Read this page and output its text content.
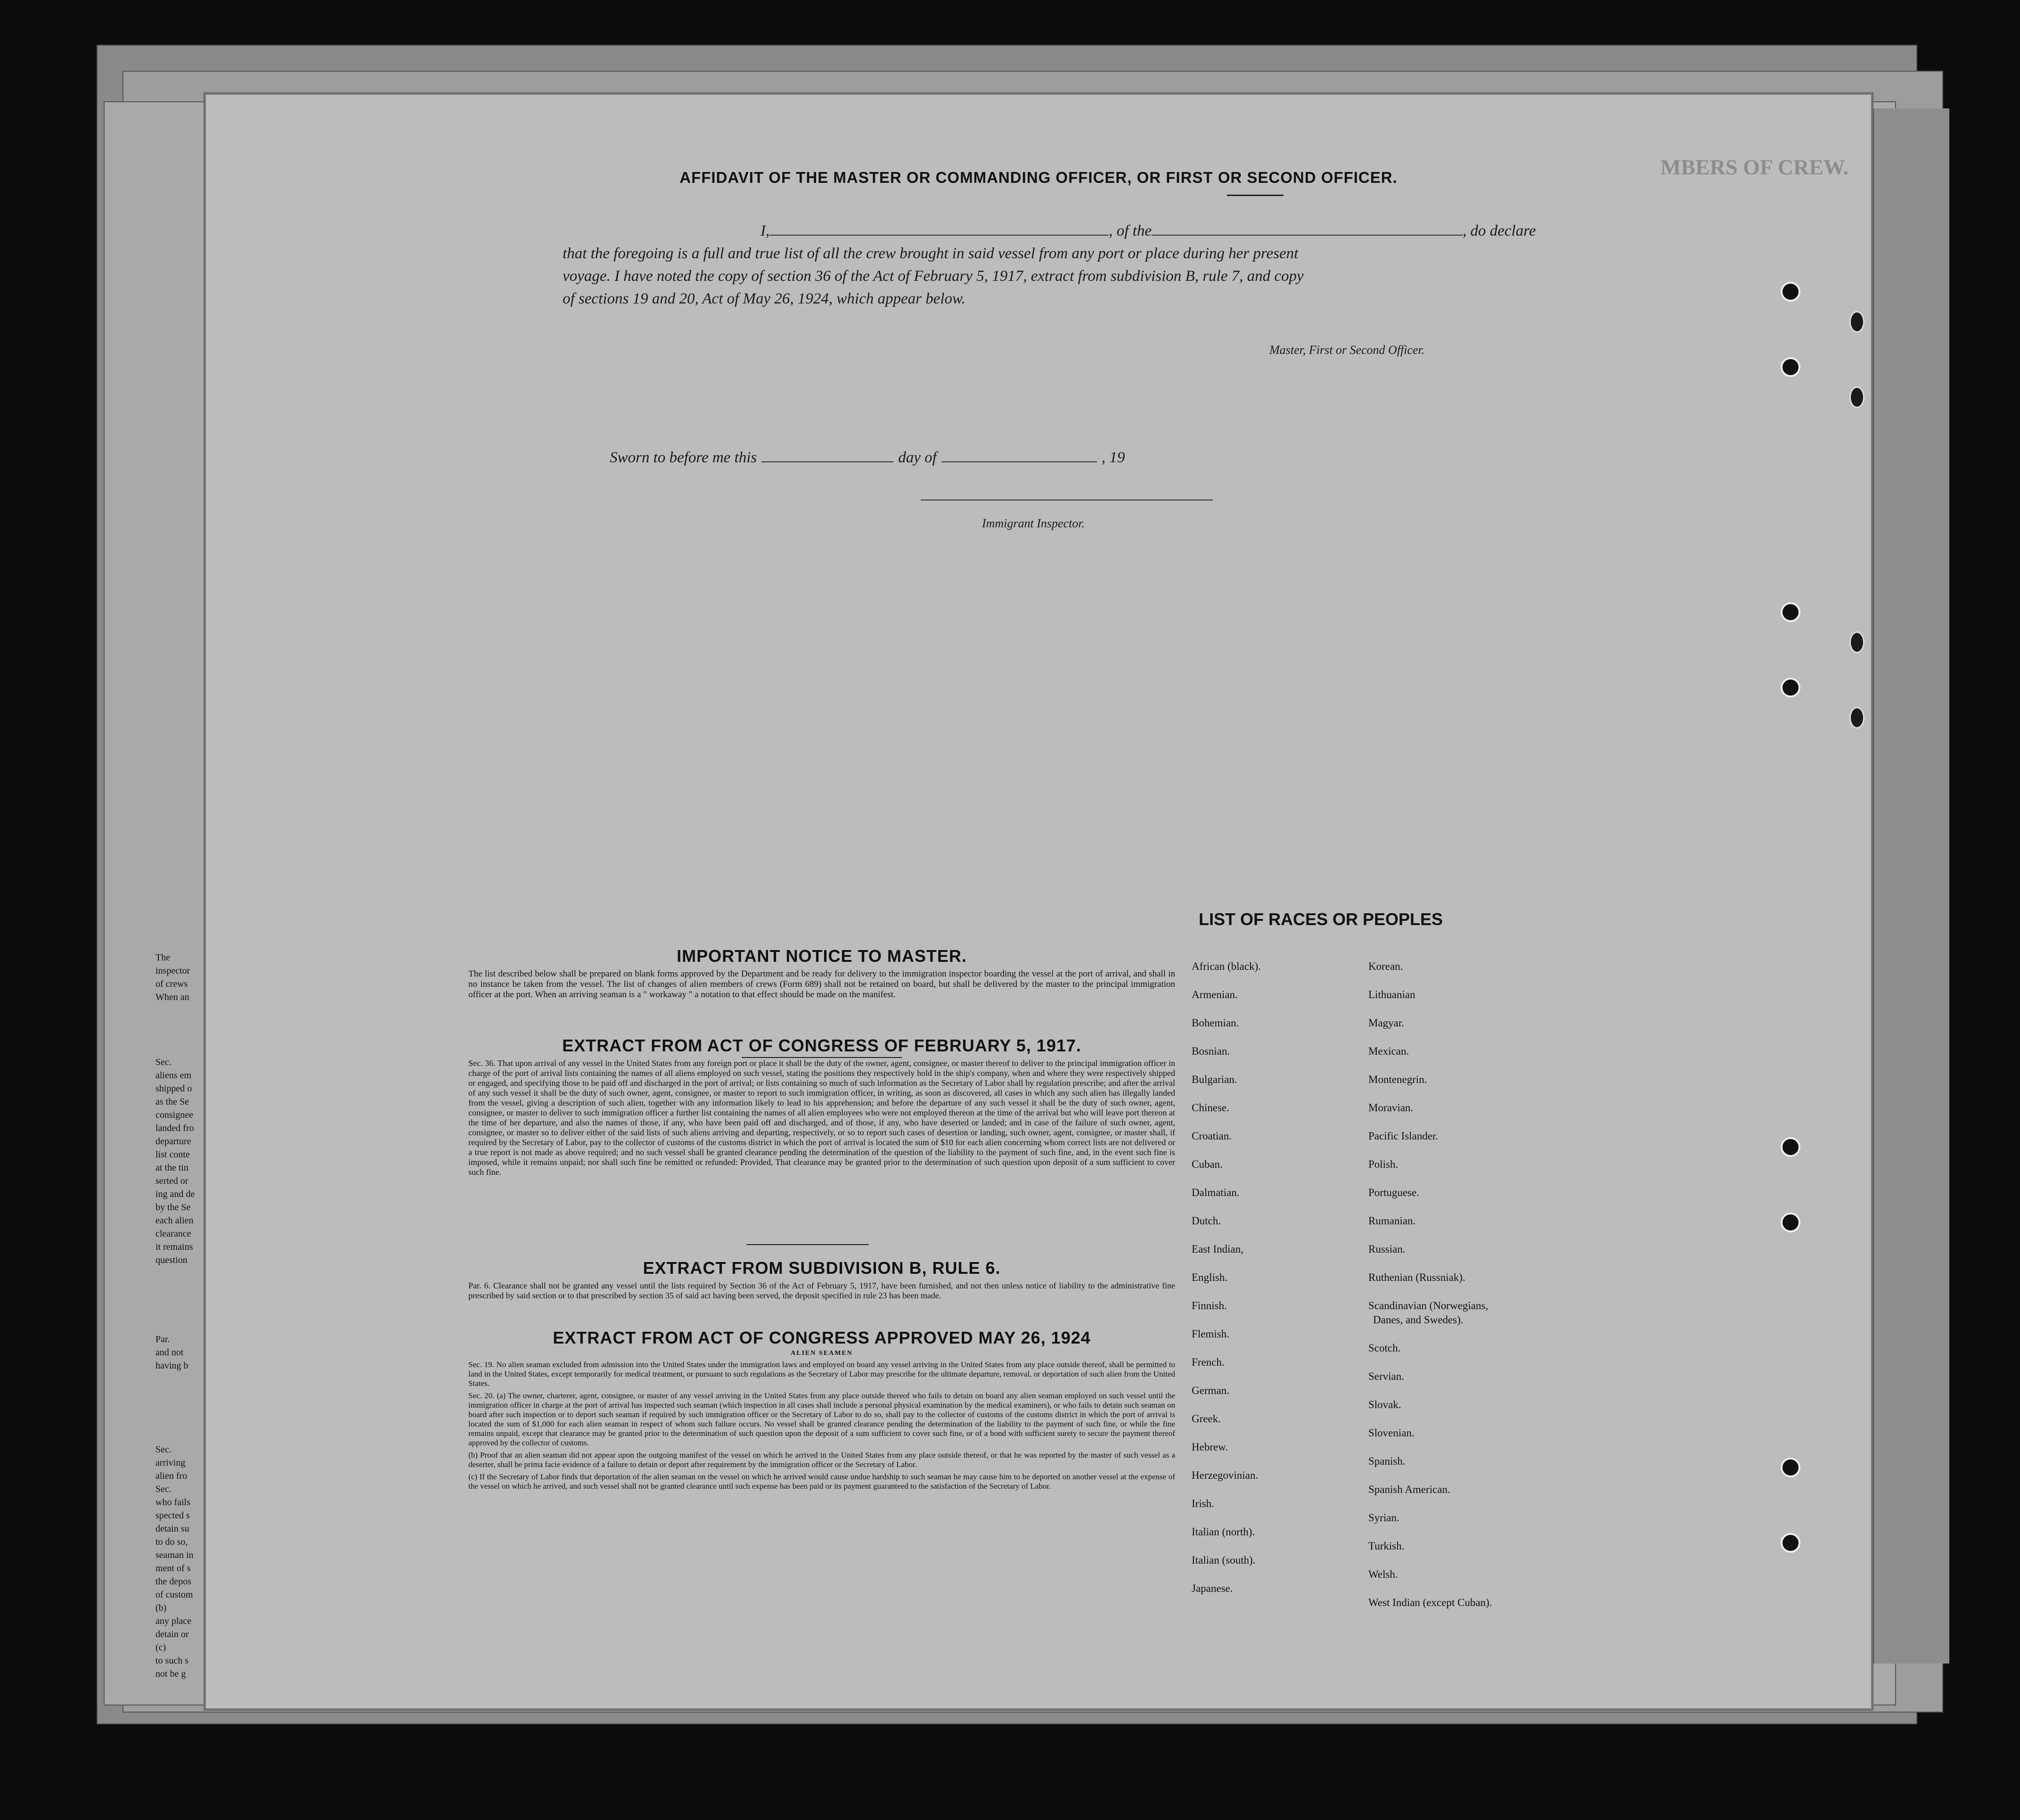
MBERS OF CREW.
AFFIDAVIT OF THE MASTER OR COMMANDING OFFICER, OR FIRST OR SECOND OFFICER.
I,	, of the	, do declare
that the foregoing is a full and true list of all the crew brought in said vessel from any port or place during her present
voyage. I have noted the copy of section 36 of the Act of February 5, 1917, extract from subdivision B, rule 7, and copy
of sections 19 and 20, Act of May 26, 1924, which appear below.
Master, First or Second Officer.
Sworn to before me this	day of	, 19
Immigrant Inspector.
IMPORTANT NOTICE TO MASTER.

The list described below shall be prepared on blank forms approved by the Department and be ready for delivery to the immigration inspector boarding the vessel at the port of arrival, and shall in no instance be taken from the vessel. The list of changes of alien members of crews (Form 689) shall not be retained on board, but shall be delivered by the master to the principal immigration officer at the port. When an arriving seaman is a " workaway " a notation to that effect should be made on the manifest.

EXTRACT FROM ACT OF CONGRESS OF FEBRUARY 5, 1917.

Sec. 36. That upon arrival of any vessel in the United States from any foreign port or place it shall be the duty of the owner, agent, consignee, or master thereof to deliver to the principal immigration officer in charge of the port of arrival lists containing the names of all aliens employed on such vessel, stating the positions they respectively hold in the ship's company, when and where they were respectively shipped or engaged, and specifying those to be paid off and discharged in the port of arrival; or lists containing so much of such information as the Secretary of Labor shall by regulation prescribe; and after the arrival of any such vessel it shall be the duty of such owner, agent, consignee, or master to report to such immigration officer, in writing, as soon as discovered, all cases in which any such alien has illegally landed from the vessel, giving a description of such alien, together with any information likely to lead to his apprehension; and before the departure of any such vessel it shall be the duty of such owner, agent, consignee, or master to deliver to such immigration officer a further list containing the names of all alien employees who were not employed thereon at the time of the arrival but who will leave port thereon at the time of her departure, and also the names of those, if any, who have been paid off and discharged, and of those, if any, who have deserted or landed; and in case of the failure of such owner, agent, consignee, or master so to deliver either of the said lists of such aliens arriving and departing, respectively, or so to report such cases of desertion or landing, such owner, agent, consignee, or master shall, if required by the Secretary of Labor, pay to the collector of customs of the customs district in which the port of arrival is located the sum of $10 for each alien concerning whom correct lists are not delivered or a true report is not made as above required; and no such vessel shall be granted clearance pending the determination of the question of the liability to the payment of such fine, and, in the event such fine is imposed, while it remains unpaid; nor shall such fine be remitted or refunded: Provided, That clearance may be granted prior to the determination of such question upon deposit of a sum sufficient to cover such fine.

EXTRACT FROM SUBDIVISION B, RULE 6.

Par. 6. Clearance shall not be granted any vessel until the lists required by Section 36 of the Act of February 5, 1917, have been furnished, and not then unless notice of liability to the administrative fine prescribed by said section or to that prescribed by section 35 of said act having been served, the deposit specified in rule 23 has been made.

EXTRACT FROM ACT OF CONGRESS APPROVED MAY 26, 1924
ALIEN SEAMEN

Sec. 19. No alien seaman excluded from admission into the United States under the immigration laws and employed on board any vessel arriving in the United States from any place outside thereof, shall be permitted to land in the United States, except temporarily for medical treatment, or pursuant to such regulations as the Secretary of Labor may prescribe for the ultimate departure, removal, or deportation of such alien from the United States.

Sec. 20. (a) The owner, charterer, agent, consignee, or master of any vessel arriving in the United States from any place outside thereof who fails to detain on board any alien seaman employed on such vessel until the immigration officer in charge at the port of arrival has inspected such seaman (which inspection in all cases shall include a personal physical examination by the medical examiners), or who fails to detain such seaman on board after such inspection or to deport such seaman if required by such immigration officer or the Secretary of Labor to do so, shall pay to the collector of customs of the customs district in which the port of arrival is located the sum of $1,000 for each alien seaman in respect of whom such failure occurs. No vessel shall be granted clearance pending the determination of the liability to the payment of such fine, or while the fine remains unpaid, except that clearance may be granted prior to the determination of such question upon the deposit of a sum sufficient to cover such fine, or of a bond with sufficient surety to secure the payment thereof approved by the collector of customs.

(b) Proof that an alien seaman did not appear upon the outgoing manifest of the vessel on which he arrived in the United States from any place outside thereof, or that he was reported by the master of such vessel as a deserter, shall be prima facie evidence of a failure to detain or deport after requirement by the immigration officer or the Secretary of Labor.

(c) If the Secretary of Labor finds that deportation of the alien seaman on the vessel on which he arrived would cause undue hardship to such seaman he may cause him to be deported on another vessel at the expense of the vessel on which he arrived, and such vessel shall not be granted clearance until such expense has been paid or its payment guaranteed to the satisfaction of the Secretary of Labor.

LIST OF RACES OR PEOPLES
Danes, and Swedes).
African (black).
Armenian.
Bohemian.
Bosnian.
Bulgarian.
Chinese.
Croatian.
Cuban.
Dalmatian.
Dutch.
East Indian,
English.
Finnish.
Flemish.
French.
German.
Greek.
Hebrew.
Herzegovinian.
Irish.
Italian (north).
Italian (south).
Japanese.
Korean.
Lithuanian
Magyar.
Mexican.
Montenegrin.
Moravian.
Pacific Islander.
Polish.
Portuguese.
Rumanian.
Russian.
Ruthenian (Russniak).
Scandinavian (Norwegians,
Scotch.
Servian.
Slovak.
Slovenian.
Spanish.
Spanish American.
Syrian.
Turkish.
Welsh.
West Indian (except Cuban).
The
inspector
of crews
When an
Sec.
aliens em
shipped o
as the Se
consignee
landed fro
departure
list conte
at the tin
serted or
ing and de
by the Se
each alien
clearance
it remains
question
Par.
and not
having b
Sec.
arriving
alien fro
Sec.
who fails
spected s
detain su
to do so,
seaman in
ment of s
the depos
of custom
(b)
any place
detain or
(c)
to such s
not be g
